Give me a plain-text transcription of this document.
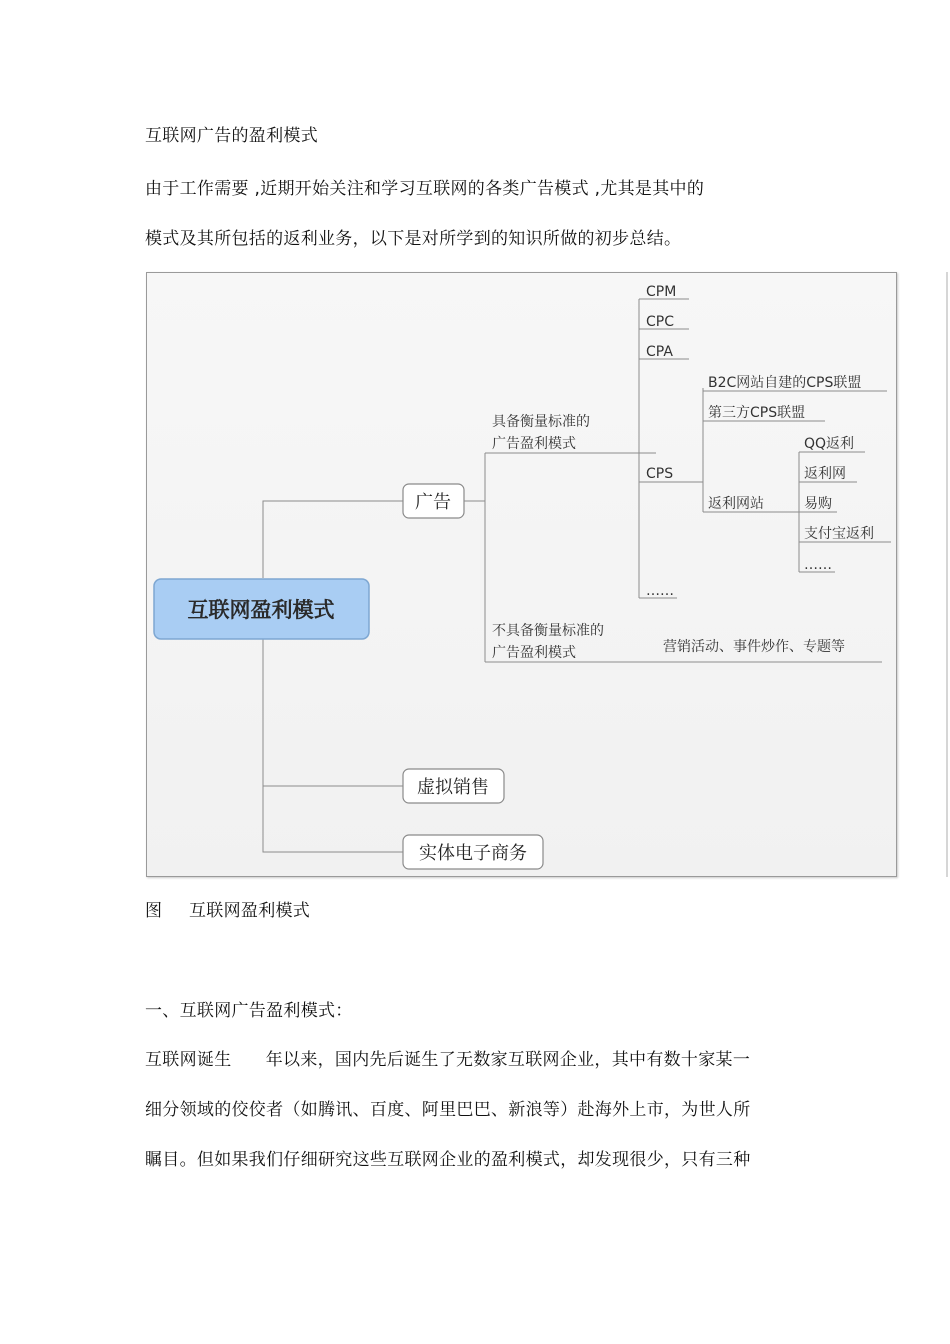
互联网广告的盈利模式
由于工作需要 ,近期开始关注和学习互联网的各类广告模式 ,尤其是其中的
模式及其所包括的返利业务，以下是对所学到的知识所做的初步总结。
互联网盈利模式
广告
虚拟销售
实体电子商务
具备衡量标准的
广告盈利模式
不具备衡量标准的
广告盈利模式
CPM
CPC
CPA
CPS
……
B2C网站自建的CPS联盟
第三方CPS联盟
返利网站
QQ返利
返利网
易购
支付宝返利
……
营销活动、事件炒作、专题等
图 互联网盈利模式
一、互联网广告盈利模式：
互联网诞生      年以来，国内先后诞生了无数家互联网企业，其中有数十家某一
细分领域的佼佼者（如腾讯、百度、阿里巴巴、新浪等）赴海外上市，为世人所
瞩目。但如果我们仔细研究这些互联网企业的盈利模式，却发现很少，只有三种
